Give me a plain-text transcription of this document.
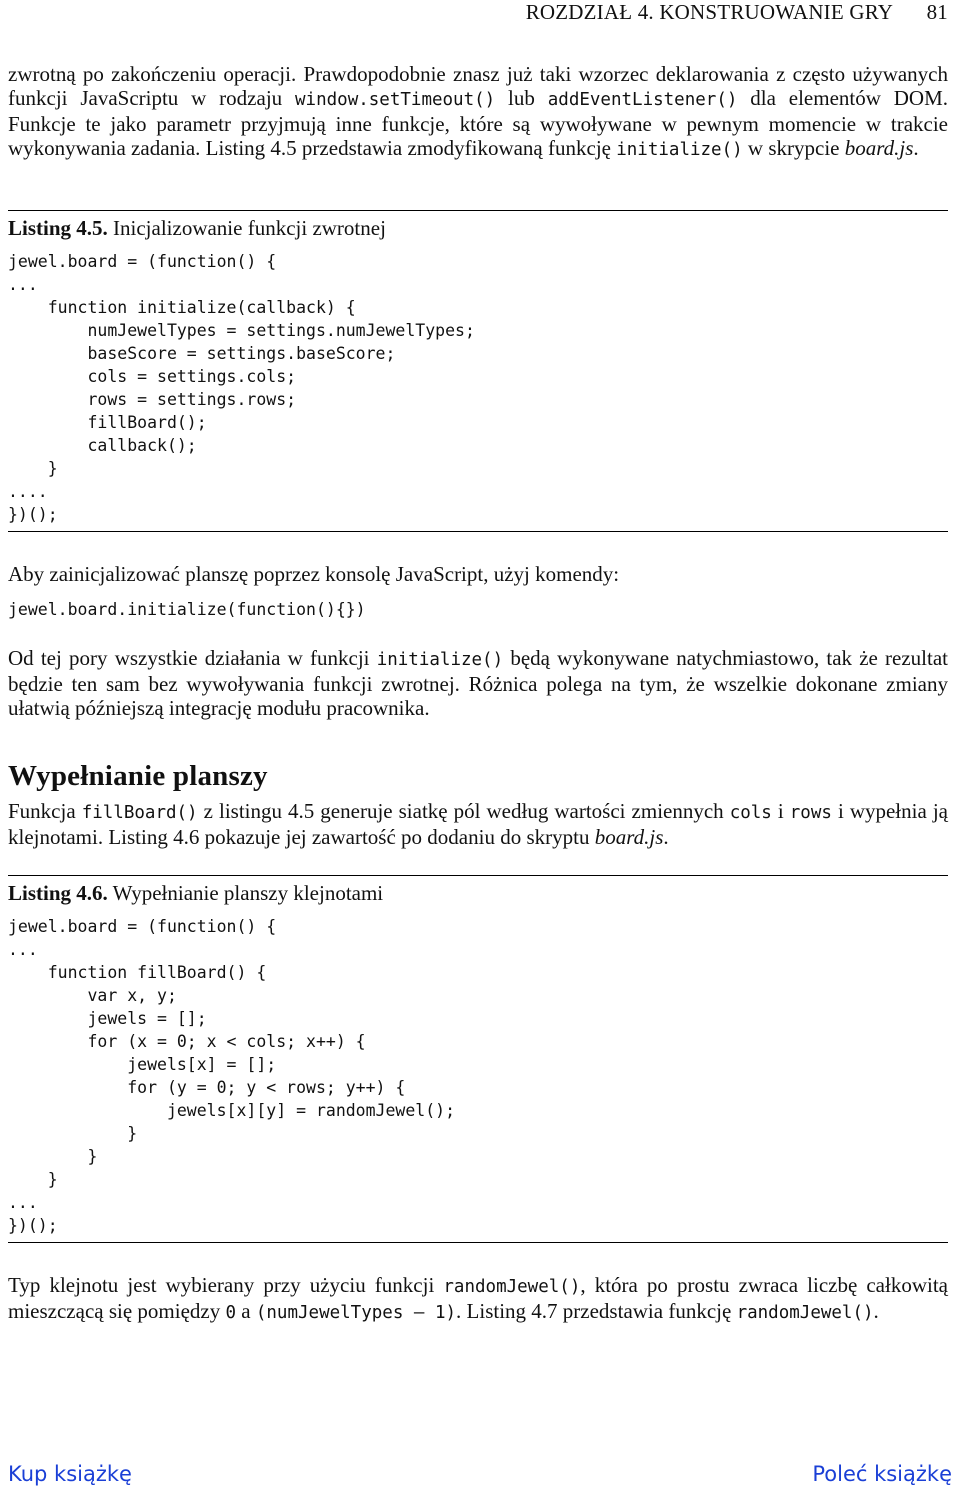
ROZDZIAŁ 4. KONSTRUOWANIE GRY 81

zwrotną po zakończeniu operacji. Prawdopodobnie znasz już taki wzorzec deklarowania z często używanych funkcji JavaScriptu w rodzaju window.setTimeout() lub addEventListener() dla elementów DOM. Funkcje te jako parametr przyjmują inne funkcje, które są wywoływane w pewnym momencie w trakcie wykonywania zadania. Listing 4.5 przedstawia zmodyfikowaną funkcję initialize() w skrypcie board.js.

Listing 4.5. Inicjalizowanie funkcji zwrotnej
jewel.board = (function() {
...
function initialize(callback) {
numJewelTypes = settings.numJewelTypes;
baseScore = settings.baseScore;
cols = settings.cols;
rows = settings.rows;
fillBoard();
callback();
}
....
})();

Aby zainicjalizować planszę poprzez konsolę JavaScript, użyj komendy:

jewel.board.initialize(function(){})

Od tej pory wszystkie działania w funkcji initialize() będą wykonywane natychmiastowo, tak że rezultat będzie ten sam bez wywoływania funkcji zwrotnej. Różnica polega na tym, że wszelkie dokonane zmiany ułatwią późniejszą integrację modułu pracownika.

Wypełnianie planszy

Funkcja fillBoard() z listingu 4.5 generuje siatkę pól według wartości zmiennych cols i rows i wypełnia ją klejnotami. Listing 4.6 pokazuje jej zawartość po dodaniu do skryptu board.js.

Listing 4.6. Wypełnianie planszy klejnotami
jewel.board = (function() {
...
function fillBoard() {
var x, y;
jewels = [];
for (x = 0; x < cols; x++) {
jewels[x] = [];
for (y = 0; y < rows; y++) {
jewels[x][y] = randomJewel();
}
}
}
...
})();

Typ klejnotu jest wybierany przy użyciu funkcji randomJewel(), która po prostu zwraca liczbę całkowitą mieszczącą się pomiędzy 0 a (numJewelTypes – 1). Listing 4.7 przedstawia funkcję randomJewel().

Kup książkę	Poleć książkę
